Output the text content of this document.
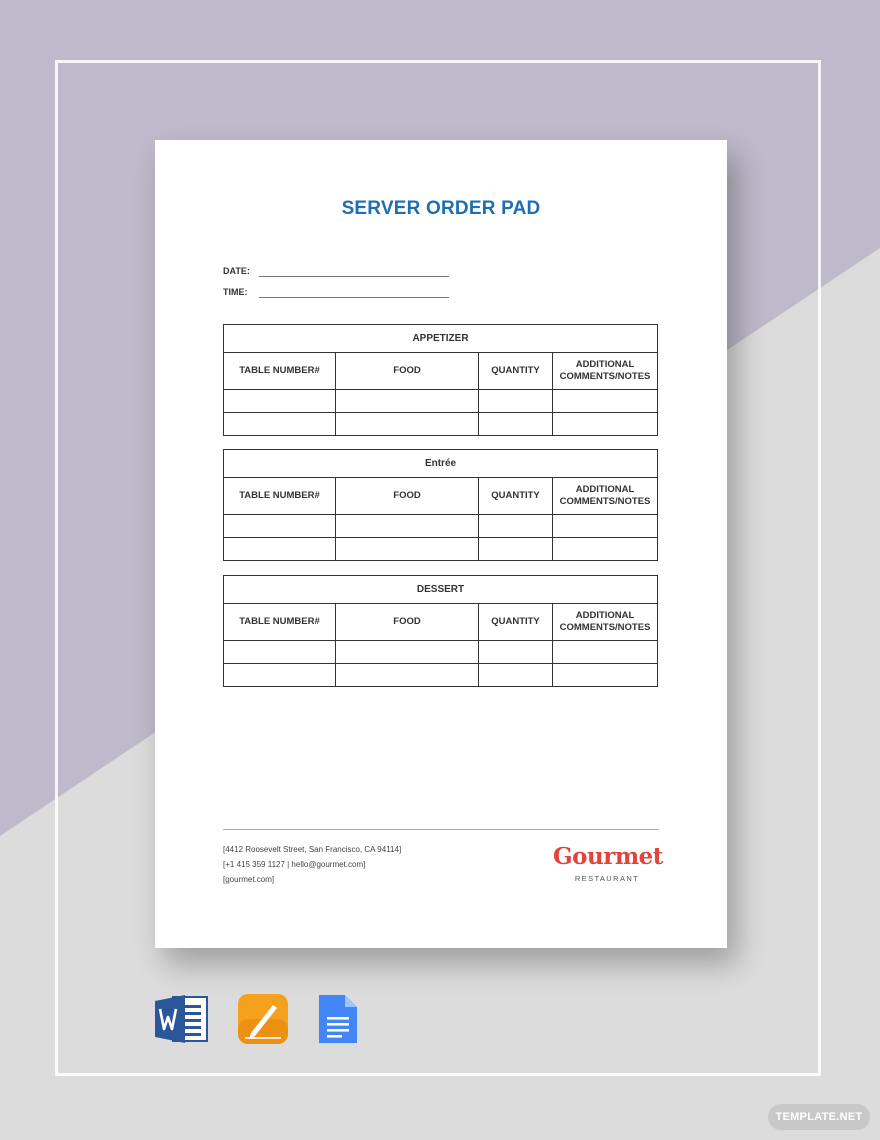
SERVER ORDER PAD
DATE:
TIME:
APPETIZER			
TABLE NUMBER#	FOOD	QUANTITY	ADDITIONAL COMMENTS/NOTES

Entrée			
TABLE NUMBER#	FOOD	QUANTITY	ADDITIONAL COMMENTS/NOTES

DESSERT			
TABLE NUMBER#	FOOD	QUANTITY	ADDITIONAL COMMENTS/NOTES

[4412 Roosevelt Street, San Francisco, CA 94114]
[+1 415 359 1127 | hello@gourmet.com]
[gourmet.com]
Gourmet
RESTAURANT
TEMPLATE.NET
